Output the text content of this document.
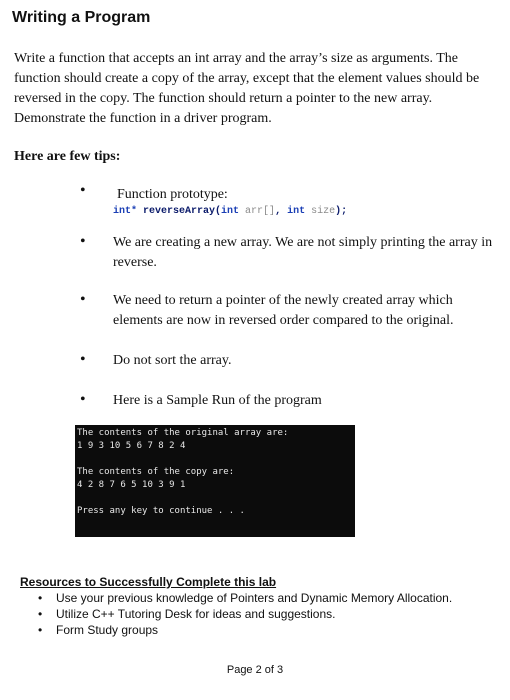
Writing a Program
Write a function that accepts an int array and the array’s size as arguments. The function should create a copy of the array, except that the element values should be reversed in the copy. The function should return a pointer to the new array. Demonstrate the function in a driver program.
Here are few tips:
• Function prototype:
int* reverseArray(int arr[], int size);
• We are creating a new array. We are not simply printing the array in reverse.
• We need to return a pointer of the newly created array which elements are now in reversed order compared to the original.
• Do not sort the array.
• Here is a Sample Run of the program
The contents of the original array are:
1 9 3 10 5 6 7 8 2 4
The contents of the copy are:
4 2 8 7 6 5 10 3 9 1
Press any key to continue . . .
Resources to Successfully Complete this lab
• Use your previous knowledge of Pointers and Dynamic Memory Allocation.
• Utilize C++ Tutoring Desk for ideas and suggestions.
• Form Study groups
Page 2 of 3
